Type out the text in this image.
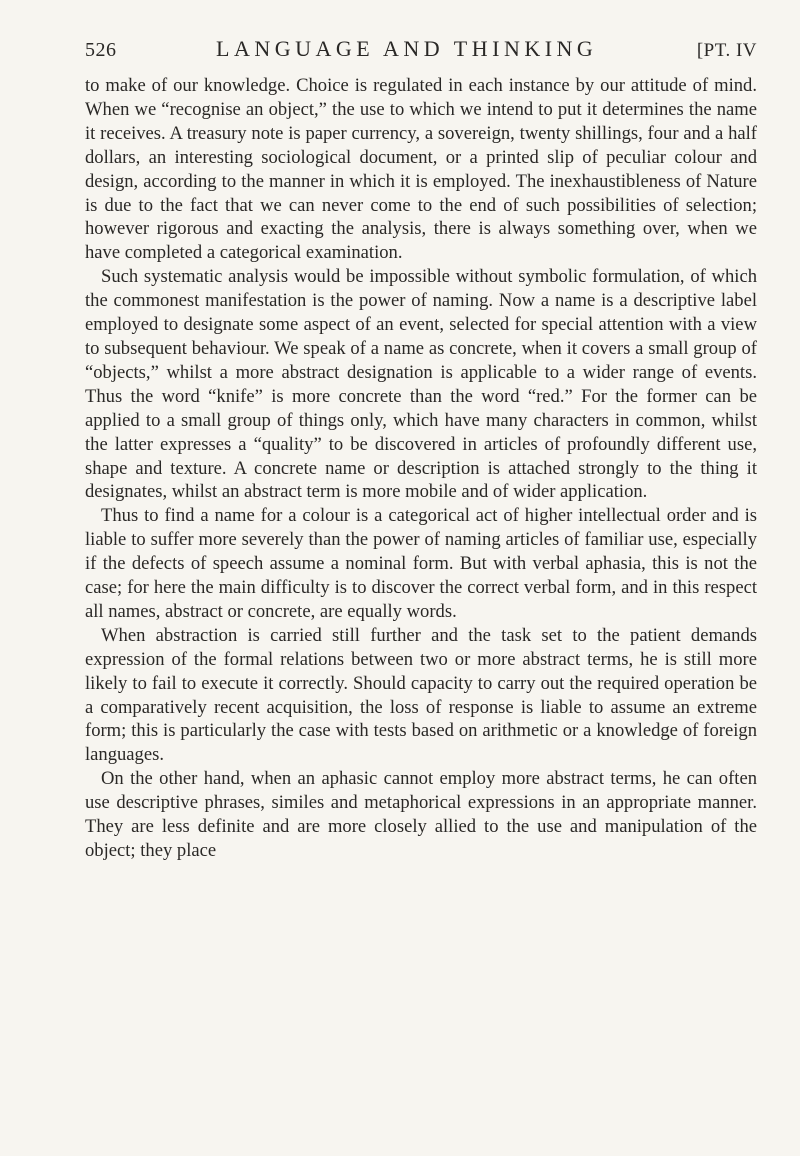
526	LANGUAGE AND THINKING	[PT. IV

to make of our knowledge. Choice is regulated in each instance by our attitude of mind. When we “recognise an object,” the use to which we intend to put it determines the name it receives. A treasury note is paper currency, a sovereign, twenty shillings, four and a half dollars, an interesting sociological document, or a printed slip of peculiar colour and design, according to the manner in which it is employed. The inexhaustibleness of Nature is due to the fact that we can never come to the end of such possibilities of selection; however rigorous and exacting the analysis, there is always something over, when we have completed a categorical examination.

Such systematic analysis would be impossible without symbolic formulation, of which the commonest manifestation is the power of naming. Now a name is a descriptive label employed to designate some aspect of an event, selected for special attention with a view to subsequent behaviour. We speak of a name as concrete, when it covers a small group of “objects,” whilst a more abstract designation is applicable to a wider range of events. Thus the word “knife” is more concrete than the word “red.” For the former can be applied to a small group of things only, which have many characters in common, whilst the latter expresses a “quality” to be discovered in articles of profoundly different use, shape and texture. A concrete name or description is attached strongly to the thing it designates, whilst an abstract term is more mobile and of wider application.

Thus to find a name for a colour is a categorical act of higher intellectual order and is liable to suffer more severely than the power of naming articles of familiar use, especially if the defects of speech assume a nominal form. But with verbal aphasia, this is not the case; for here the main difficulty is to discover the correct verbal form, and in this respect all names, abstract or concrete, are equally words.

When abstraction is carried still further and the task set to the patient demands expression of the formal relations between two or more abstract terms, he is still more likely to fail to execute it correctly. Should capacity to carry out the required operation be a comparatively recent acquisition, the loss of response is liable to assume an extreme form; this is particularly the case with tests based on arithmetic or a knowledge of foreign languages.

On the other hand, when an aphasic cannot employ more abstract terms, he can often use descriptive phrases, similes and metaphorical expressions in an appropriate manner. They are less definite and are more closely allied to the use and manipulation of the object; they place
